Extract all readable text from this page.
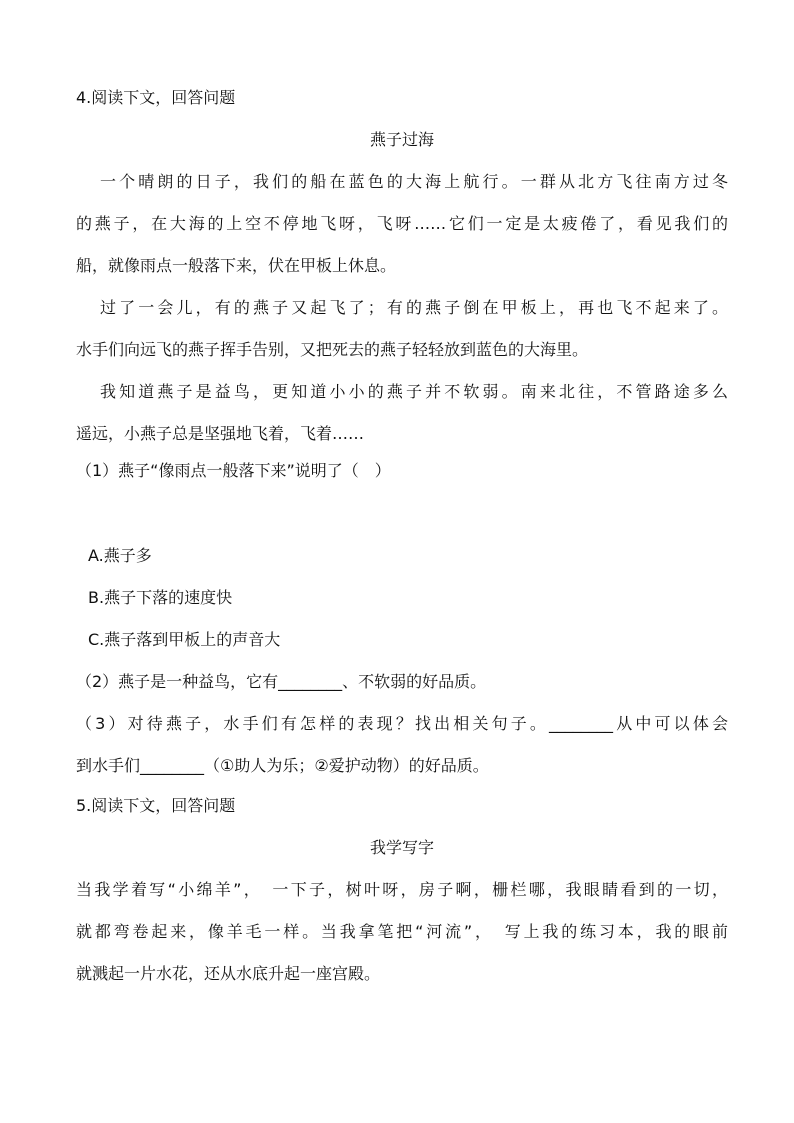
4.阅读下文，回答问题
燕子过海
一个晴朗的日子，我们的船在蓝色的大海上航行。一群从北方飞往南方过冬
的燕子，在大海的上空不停地飞呀，飞呀……它们一定是太疲倦了，看见我们的
船，就像雨点一般落下来，伏在甲板上休息。
过了一会儿，有的燕子又起飞了；有的燕子倒在甲板上，再也飞不起来了。
水手们向远飞的燕子挥手告别，又把死去的燕子轻轻放到蓝色的大海里。
我知道燕子是益鸟，更知道小小的燕子并不软弱。南来北往，不管路途多么
遥远，小燕子总是坚强地飞着，飞着……
（1）燕子“像雨点一般落下来”说明了（　）
A.燕子多
B.燕子下落的速度快
C.燕子落到甲板上的声音大
（2）燕子是一种益鸟，它有________、不软弱的好品质。
（3）对待燕子，水手们有怎样的表现？找出相关句子。________从中可以体会
到水手们________（①助人为乐；②爱护动物）的好品质。
5.阅读下文，回答问题
我学写字
当我学着写“小绵羊”，　一下子，树叶呀，房子啊，栅栏哪，我眼睛看到的一切，
就都弯卷起来，像羊毛一样。当我拿笔把“河流”，　写上我的练习本，我的眼前
就溅起一片水花，还从水底升起一座宫殿。
